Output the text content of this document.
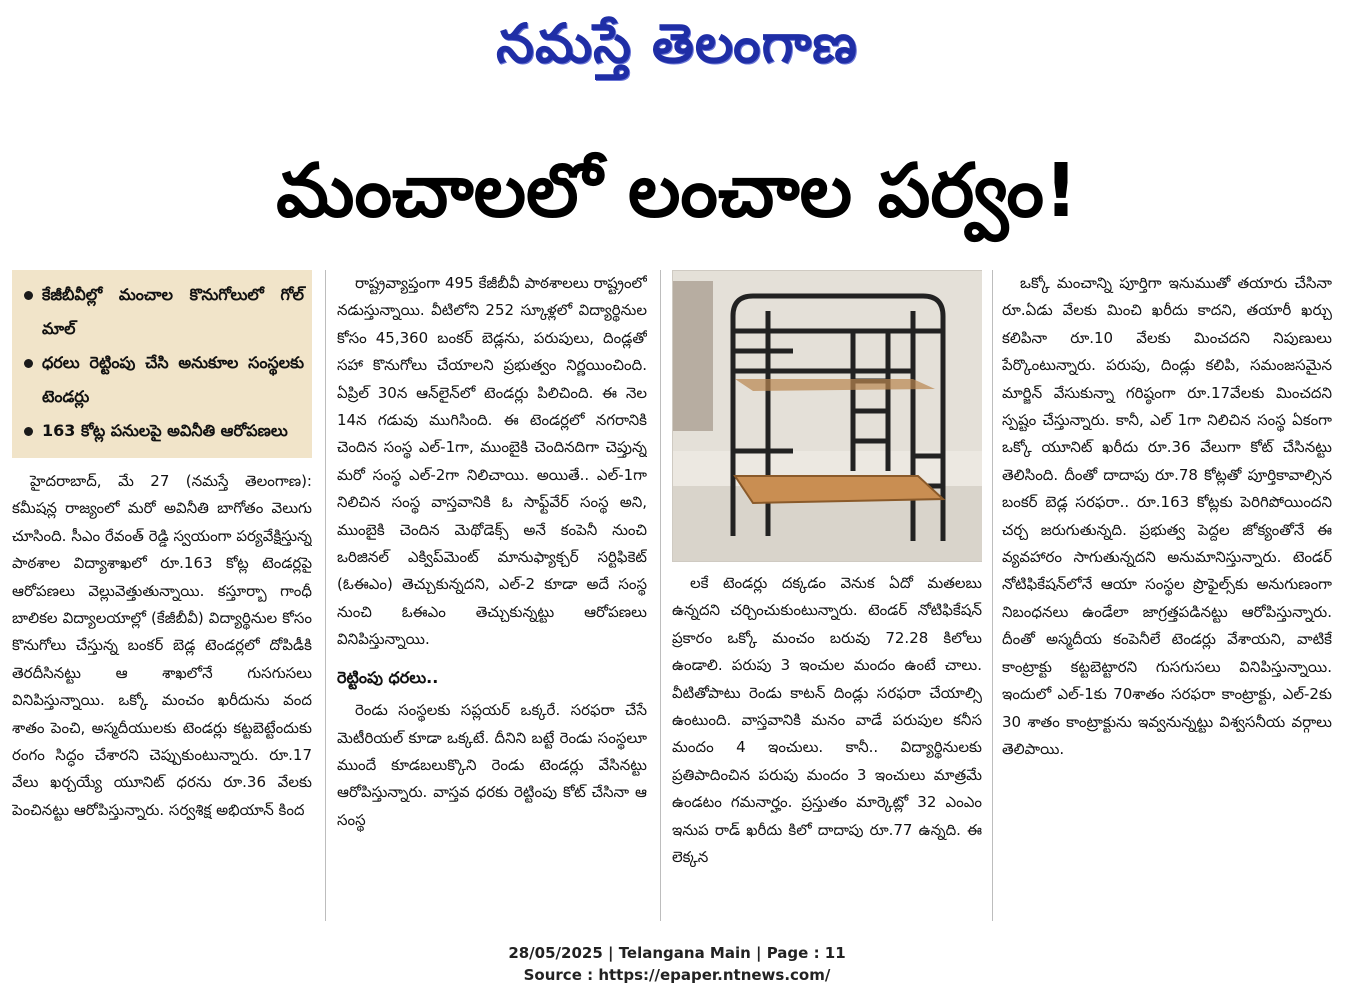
నమస్తే తెలంగాణ
మంచాలలో లంచాల పర్వం!
కేజీబీవీల్లో మంచాల కొనుగోలులో గోల్ మాల్
ధరలు రెట్టింపు చేసి అనుకూల సంస్థలకు టెండర్లు
163 కోట్ల పనులపై అవినీతి ఆరోపణలు

హైదరాబాద్, మే 27 (నమస్తే తెలంగాణ): కమీషన్ల రాజ్యంలో మరో అవినీతి బాగోతం వెలుగు చూసింది. సీఎం రేవంత్ రెడ్డి స్వయంగా పర్యవేక్షిస్తున్న పాఠశాల విద్యాశాఖలో రూ.163 కోట్ల టెండర్లపై ఆరోపణలు వెల్లువెత్తుతున్నాయి. కస్తూర్బా గాంధీ బాలికల విద్యాలయాల్లో (కేజీబీవీ) విద్యార్థినుల కోసం కొనుగోలు చేస్తున్న బంకర్ బెడ్ల టెండర్లలో దోపిడీకి తెరదీసినట్టు ఆ శాఖలోనే గుసగుసలు వినిపిస్తున్నాయి. ఒక్కో మంచం ఖరీదును వంద శాతం పెంచి, అస్మదీయులకు టెండర్లు కట్టబెట్టేందుకు రంగం సిద్ధం చేశారని చెప్పుకుంటున్నారు. రూ.17 వేలు ఖర్చయ్యే యూనిట్ ధరను రూ.36 వేలకు పెంచినట్టు ఆరోపిస్తున్నారు. సర్వశిక్ష అభియాన్ కింద

రాష్ట్రవ్యాప్తంగా 495 కేజీబీవీ పాఠశాలలు రాష్ట్రంలో నడుస్తున్నాయి. వీటిలోని 252 స్కూళ్లలో విద్యార్థినుల కోసం 45,360 బంకర్ బెడ్లను, పరుపులు, దిండ్లతో సహా కొనుగోలు చేయాలని ప్రభుత్వం నిర్ణయించింది. ఏప్రిల్ 30న ఆన్‌లైన్‌లో టెండర్లు పిలిచింది. ఈ నెల 14న గడువు ముగిసింది. ఈ టెండర్లలో నగరానికి చెందిన సంస్థ ఎల్-1గా, ముంబైకి చెందినదిగా చెప్తున్న మరో సంస్థ ఎల్-2గా నిలిచాయి. అయితే.. ఎల్-1గా నిలిచిన సంస్థ వాస్తవానికి ఓ సాఫ్ట్‌వేర్ సంస్థ అని, ముంబైకి చెందిన మెథోడెక్స్ అనే కంపెనీ నుంచి ఒరిజినల్ ఎక్విప్‌మెంట్ మానుఫ్యాక్చర్ సర్టిఫికెట్ (ఓఈఎం) తెచ్చుకున్నదని, ఎల్-2 కూడా అదే సంస్థ నుంచి ఓఈఎం తెచ్చుకున్నట్టు ఆరోపణలు వినిపిస్తున్నాయి.

రెట్టింపు ధరలు..

రెండు సంస్థలకు సప్లయర్ ఒక్కరే. సరఫరా చేసే మెటీరియల్ కూడా ఒక్కటే. దీనిని బట్టే రెండు సంస్థలూ ముందే కూడబలుక్కొని రెండు టెండర్లు వేసినట్టు ఆరోపిస్తున్నారు. వాస్తవ ధరకు రెట్టింపు కోట్ చేసినా ఆ సంస్థ

లకే టెండర్లు దక్కడం వెనుక ఏదో మతలబు ఉన్నదని చర్చించుకుంటున్నారు. టెండర్ నోటిఫికేషన్ ప్రకారం ఒక్కో మంచం బరువు 72.28 కిలోలు ఉండాలి. పరుపు 3 ఇంచుల మందం ఉంటే చాలు. వీటితోపాటు రెండు కాటన్ దిండ్లు సరఫరా చేయాల్సి ఉంటుంది. వాస్తవానికి మనం వాడే పరుపుల కనీస మందం 4 ఇంచులు. కానీ.. విద్యార్థినులకు ప్రతిపాదించిన పరుపు మందం 3 ఇంచులు మాత్రమే ఉండటం గమనార్హం. ప్రస్తుతం మార్కెట్లో 32 ఎంఎం ఇనుప రాడ్ ఖరీదు కిలో దాదాపు రూ.77 ఉన్నది. ఈ లెక్కన

ఒక్కో మంచాన్ని పూర్తిగా ఇనుముతో తయారు చేసినా రూ.ఏడు వేలకు మించి ఖరీదు కాదని, తయారీ ఖర్చు కలిపినా రూ.10 వేలకు మించదని నిపుణులు పేర్కొంటున్నారు. పరుపు, దిండ్లు కలిపి, సమంజసమైన మార్జిన్ వేసుకున్నా గరిష్ఠంగా రూ.17వేలకు మించదని స్పష్టం చేస్తున్నారు. కానీ, ఎల్ 1గా నిలిచిన సంస్థ ఏకంగా ఒక్కో యూనిట్ ఖరీదు రూ.36 వేలుగా కోట్ చేసినట్టు తెలిసింది. దీంతో దాదాపు రూ.78 కోట్లతో పూర్తికావాల్సిన బంకర్ బెడ్ల సరఫరా.. రూ.163 కోట్లకు పెరిగిపోయిందని చర్చ జరుగుతున్నది. ప్రభుత్వ పెద్దల జోక్యంతోనే ఈ వ్యవహారం సాగుతున్నదని అనుమానిస్తున్నారు. టెండర్ నోటిఫికేషన్‌లోనే ఆయా సంస్థల ప్రొఫైల్స్‌కు అనుగుణంగా నిబంధనలు ఉండేలా జాగ్రత్తపడినట్టు ఆరోపిస్తున్నారు. దీంతో అస్మదీయ కంపెనీలే టెండర్లు వేశాయని, వాటికే కాంట్రాక్టు కట్టబెట్టారని గుసగుసలు వినిపిస్తున్నాయి. ఇందులో ఎల్-1కు 70శాతం సరఫరా కాంట్రాక్టు, ఎల్-2కు 30 శాతం కాంట్రాక్టును ఇవ్వనున్నట్టు విశ్వసనీయ వర్గాలు తెలిపాయి.

28/05/2025 | Telangana Main | Page : 11
Source : https://epaper.ntnews.com/
